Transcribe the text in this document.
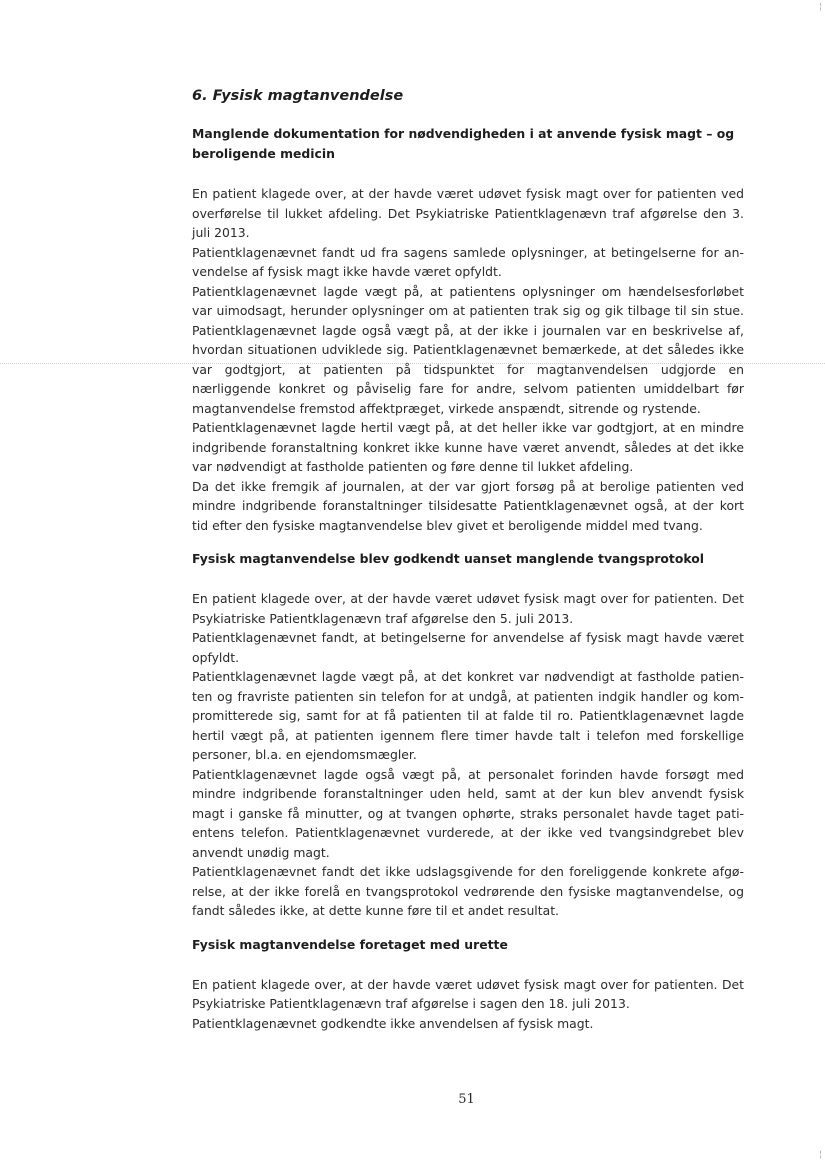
¦
¦
6. Fysisk magtanvendelse
Manglende dokumentation for nødvendigheden i at anvende fysisk magt – og beroligende medicin

En patient klagede over, at der havde været udøvet fysisk magt over for patienten ved overførelse til lukket afdeling. Det Psykiatriske Patientklagenævn traf afgørelse den 3. juli 2013.

Patientklagenævnet fandt ud fra sagens samlede oplysninger, at betingelserne for anvendelse af fysisk magt ikke havde været opfyldt.

Patientklagenævnet lagde vægt på, at patientens oplysninger om hændelsesforløbet var uimodsagt, herunder oplysninger om at patienten trak sig og gik tilbage til sin stue. Patientklagenævnet lagde også vægt på, at der ikke i journalen var en beskrivelse af, hvordan situationen udviklede sig. Patientklagenævnet bemærkede, at det således ikke var godtgjort, at patienten på tidspunktet for magtanvendelsen udgjorde en nærliggende konkret og påviselig fare for andre, selvom patienten umiddelbart før magtanvendelse fremstod affektpræget, virkede anspændt, sitrende og rystende.

Patientklagenævnet lagde hertil vægt på, at det heller ikke var godtgjort, at en mindre indgribende foranstaltning konkret ikke kunne have været anvendt, således at det ikke var nødvendigt at fastholde patienten og føre denne til lukket afdeling.

Da det ikke fremgik af journalen, at der var gjort forsøg på at berolige patienten ved mindre indgribende foranstaltninger tilsidesatte Patientklagenævnet også, at der kort tid efter den fysiske magtanvendelse blev givet et beroligende middel med tvang.

Fysisk magtanvendelse blev godkendt uanset manglende tvangsprotokol

En patient klagede over, at der havde været udøvet fysisk magt over for patienten. Det Psykiatriske Patientklagenævn traf afgørelse den 5. juli 2013.

Patientklagenævnet fandt, at betingelserne for anvendelse af fysisk magt havde været opfyldt.

Patientklagenævnet lagde vægt på, at det konkret var nødvendigt at fastholde patienten og fravriste patienten sin telefon for at undgå, at patienten indgik handler og kompromitterede sig, samt for at få patienten til at falde til ro. Patientklagenævnet lagde hertil vægt på, at patienten igennem flere timer havde talt i telefon med forskellige personer, bl.a. en ejendomsmægler.

Patientklagenævnet lagde også vægt på, at personalet forinden havde forsøgt med mindre indgribende foranstaltninger uden held, samt at der kun blev anvendt fysisk magt i ganske få minutter, og at tvangen ophørte, straks personalet havde taget patientens telefon. Patientklagenævnet vurderede, at der ikke ved tvangsindgrebet blev anvendt unødig magt.

Patientklagenævnet fandt det ikke udslagsgivende for den foreliggende konkrete afgørelse, at der ikke forelå en tvangsprotokol vedrørende den fysiske magtanvendelse, og fandt således ikke, at dette kunne føre til et andet resultat.

Fysisk magtanvendelse foretaget med urette

En patient klagede over, at der havde været udøvet fysisk magt over for patienten. Det Psykiatriske Patientklagenævn traf afgørelse i sagen den 18. juli 2013.

Patientklagenævnet godkendte ikke anvendelsen af fysisk magt.

51
